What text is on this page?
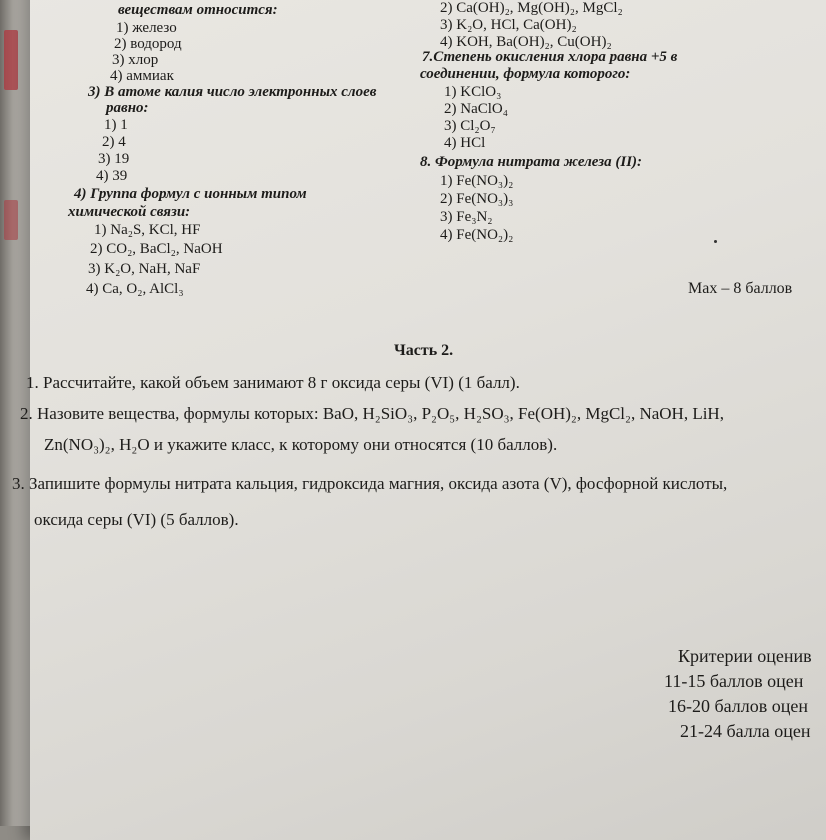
веществам относится:
1) железо
2) водород
3) хлор
4) аммиак
3) В атоме калия число электронных слоев
равно:
1) 1
2) 4
3) 19
4) 39
4) Группа формул с ионным типом
химической связи:
1) Na₂S, KCl, HF
2) CO₂, BaCl₂, NaOH
3) K₂O, NaH, NaF
4) Ca, O₂, AlCl₃
2) Ca(OH)₂, Mg(OH)₂, MgCl₂
3) K₂O, HCl, Ca(OH)₂
4) KOH, Ba(OH)₂, Cu(OH)₂
7.Степень окисления хлора равна +5 в
соединении, формула которого:
1) KClO₃
2) NaClO₄
3) Cl₂O₇
4) HCl
8. Формула нитрата железа (II):
1) Fe(NO₃)₂
2) Fe(NO₃)₃
3) Fe₃N₂
4) Fe(NO₂)₂
Max – 8 баллов
Часть 2.
1. Рассчитайте, какой объем занимают 8 г оксида серы (VI) (1 балл).
2. Назовите вещества, формулы которых: BaO, H₂SiO₃, P₂O₅, H₂SO₃, Fe(OH)₂, MgCl₂, NaOH, LiH,
Zn(NO₃)₂, H₂O и укажите класс, к которому они относятся (10 баллов).
3. Запишите формулы нитрата кальция, гидроксида магния, оксида азота (V), фосфорной кислоты,
оксида серы (VI) (5 баллов).
Критерии оценив
11-15 баллов оцен
16-20 баллов оцен
21-24 балла оцен
